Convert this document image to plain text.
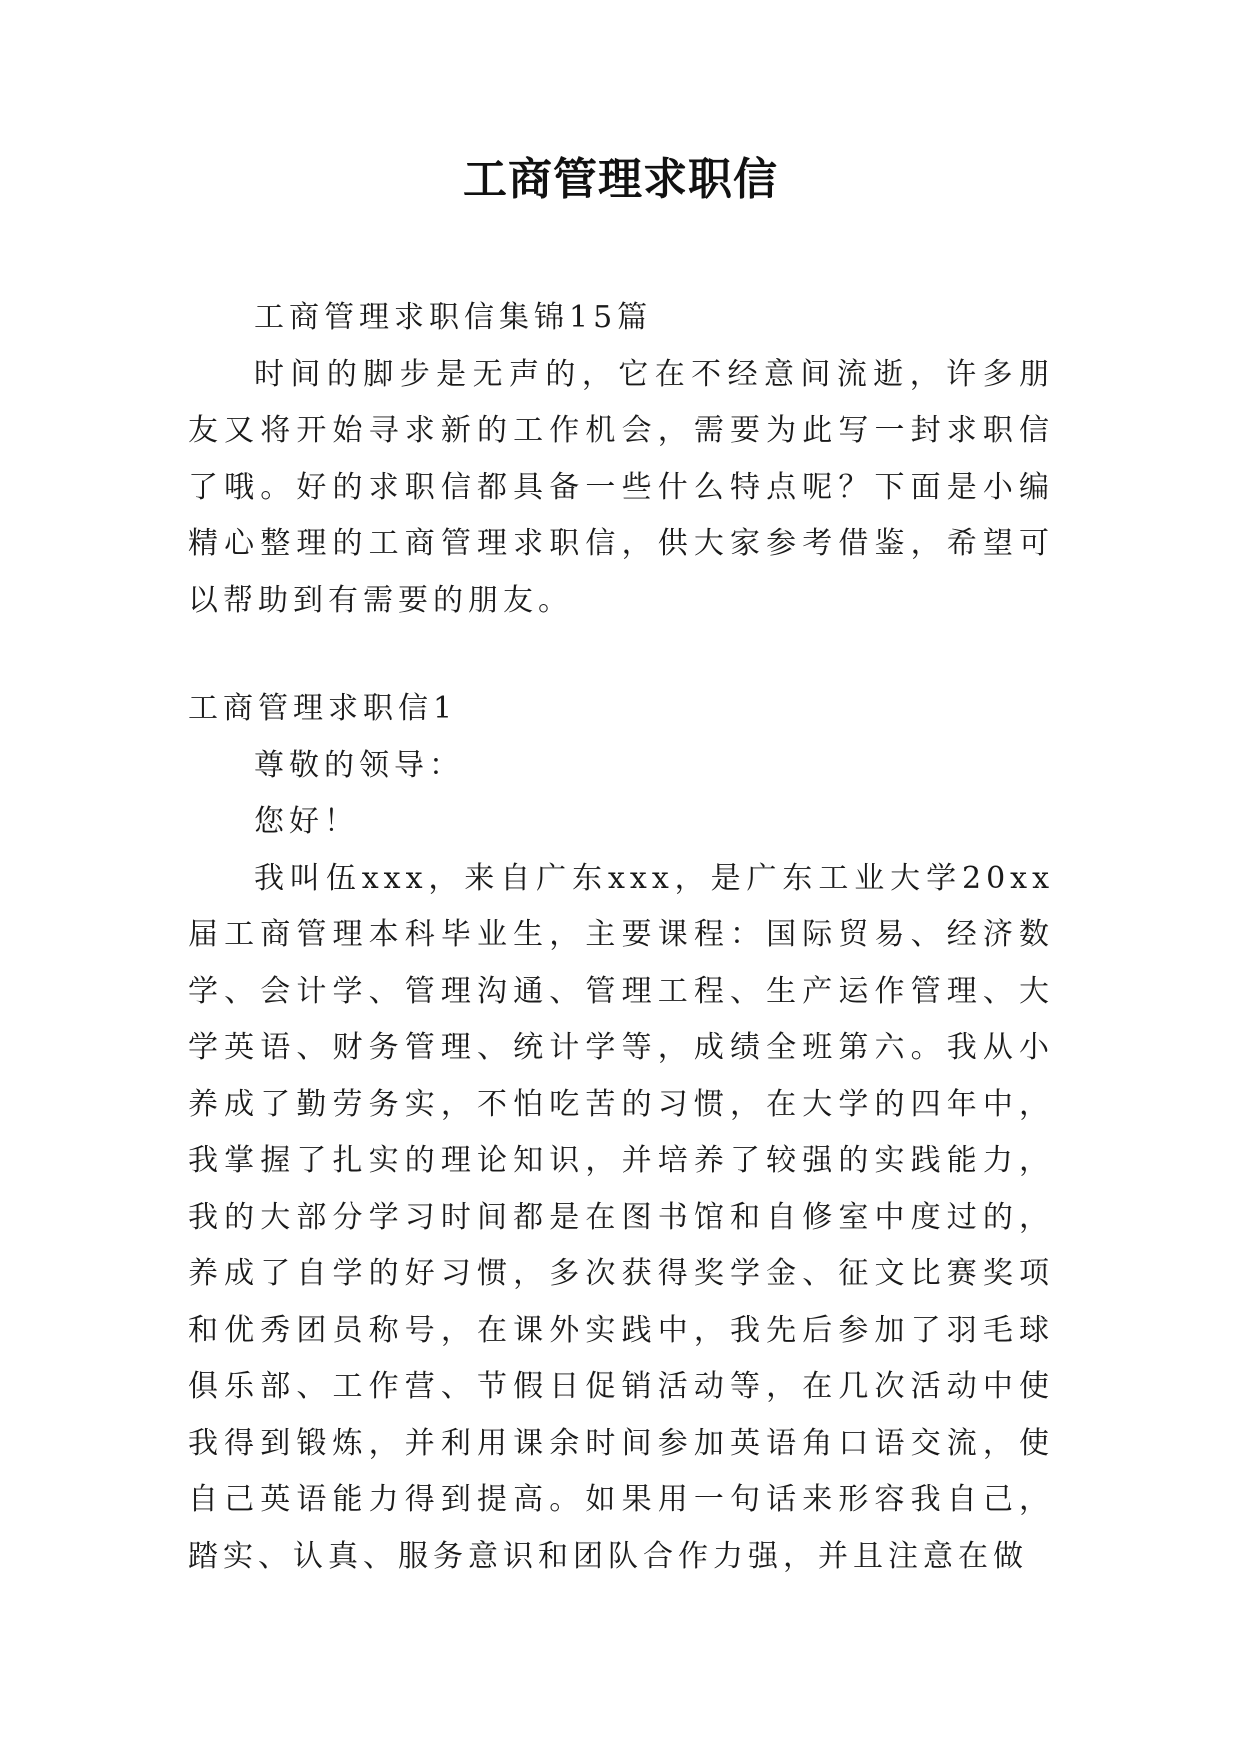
工商管理求职信

工商管理求职信集锦15篇

时间的脚步是无声的，它在不经意间流逝，许多朋友又将开始寻求新的工作机会，需要为此写一封求职信了哦。好的求职信都具备一些什么特点呢？下面是小编精心整理的工商管理求职信，供大家参考借鉴，希望可以帮助到有需要的朋友。

工商管理求职信1

尊敬的领导：

您好！

我叫伍xxx，来自广东xxx，是广东工业大学20xx届工商管理本科毕业生，主要课程：国际贸易、经济数学、会计学、管理沟通、管理工程、生产运作管理、大学英语、财务管理、统计学等，成绩全班第六。我从小养成了勤劳务实，不怕吃苦的习惯，在大学的四年中，我掌握了扎实的理论知识，并培养了较强的实践能力，我的大部分学习时间都是在图书馆和自修室中度过的，养成了自学的好习惯，多次获得奖学金、征文比赛奖项和优秀团员称号，在课外实践中，我先后参加了羽毛球俱乐部、工作营、节假日促销活动等，在几次活动中使我得到锻炼，并利用课余时间参加英语角口语交流，使自己英语能力得到提高。如果用一句话来形容我自己，踏实、认真、服务意识和团队合作力强，并且注意在做
